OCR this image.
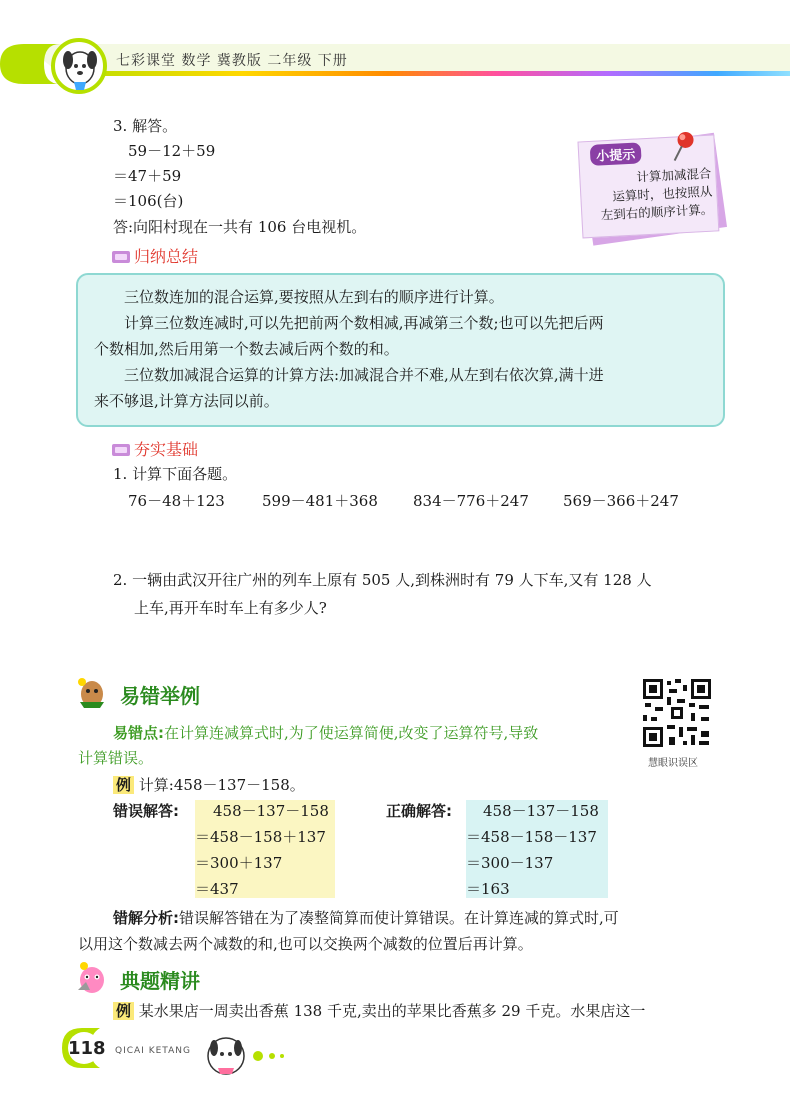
七彩课堂 数学 冀教版 二年级 下册
3. 解答。
59－12＋59
＝47＋59
＝106(台)
答:向阳村现在一共有 106 台电视机。
小提示
计算加减混合
运算时，也按照从
左到右的顺序计算。
归纳总结

三位数连加的混合运算,要按照从左到右的顺序进行计算。

计算三位数连减时,可以先把前两个数相减,再减第三个数;也可以先把后两

个数相加,然后用第一个数去减后两个数的和。

三位数加减混合运算的计算方法:加减混合并不难,从左到右依次算,满十进

来不够退,计算方法同以前。

夯实基础
1. 计算下面各题。
76－48＋123 599－481＋368 834－776＋247 569－366＋247
2. 一辆由武汉开往广州的列车上原有 505 人,到株洲时有 79 人下车,又有 128 人
上车,再开车时车上有多少人?
易错举例
慧眼识误区
易错点:在计算连减算式时,为了使运算简便,改变了运算符号,导致
计算错误。
例 计算:458－137－158。
错误解答: 458－137－158
＝458－158＋137
＝300＋137
＝437
正确解答: 458－137－158
＝458－158－137
＝300－137
＝163
错解分析:错误解答错在为了凑整简算而使计算错误。在计算连减的算式时,可
以用这个数减去两个减数的和,也可以交换两个减数的位置后再计算。
典题精讲
例 某水果店一周卖出香蕉 138 千克,卖出的苹果比香蕉多 29 千克。水果店这一
118 QICAI KETANG
